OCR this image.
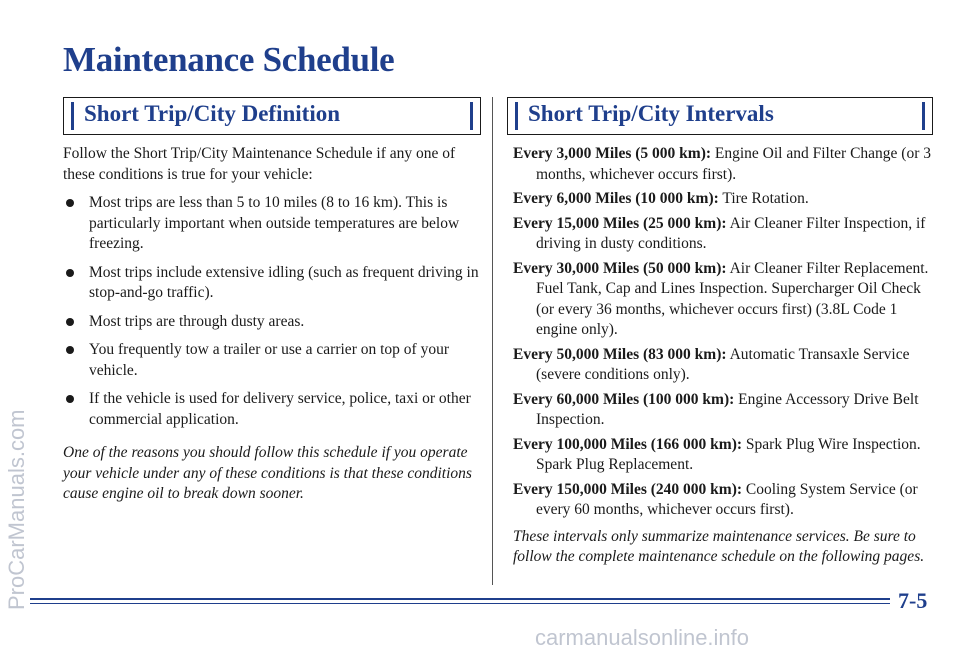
Maintenance Schedule
Short Trip/City Definition	Short Trip/City Intervals

Follow the Short Trip/City Maintenance Schedule if any one of these conditions is true for your vehicle:

Most trips are less than 5 to 10 miles (8 to 16 km). This is particularly important when outside temperatures are below freezing.
Most trips include extensive idling (such as frequent driving in stop-and-go traffic).
Most trips are through dusty areas.
You frequently tow a trailer or use a carrier on top of your vehicle.
If the vehicle is used for delivery service, police, taxi or other commercial application.

One of the reasons you should follow this schedule if you operate your vehicle under any of these conditions is that these conditions cause engine oil to break down sooner.

Every 3,000 Miles (5 000 km): Engine Oil and Filter Change (or 3 months, whichever occurs first).
Every 6,000 Miles (10 000 km): Tire Rotation.
Every 15,000 Miles (25 000 km): Air Cleaner Filter Inspection, if driving in dusty conditions.
Every 30,000 Miles (50 000 km): Air Cleaner Filter Replacement. Fuel Tank, Cap and Lines Inspection. Supercharger Oil Check (or every 36 months, whichever occurs first) (3.8L Code 1 engine only).
Every 50,000 Miles (83 000 km): Automatic Transaxle Service (severe conditions only).
Every 60,000 Miles (100 000 km): Engine Accessory Drive Belt Inspection.
Every 100,000 Miles (166 000 km): Spark Plug Wire Inspection. Spark Plug Replacement.
Every 150,000 Miles (240 000 km): Cooling System Service (or every 60 months, whichever occurs first).

These intervals only summarize maintenance services. Be sure to follow the complete maintenance schedule on the following pages.

7-5
ProCarManuals.com
carmanualsonline.info
